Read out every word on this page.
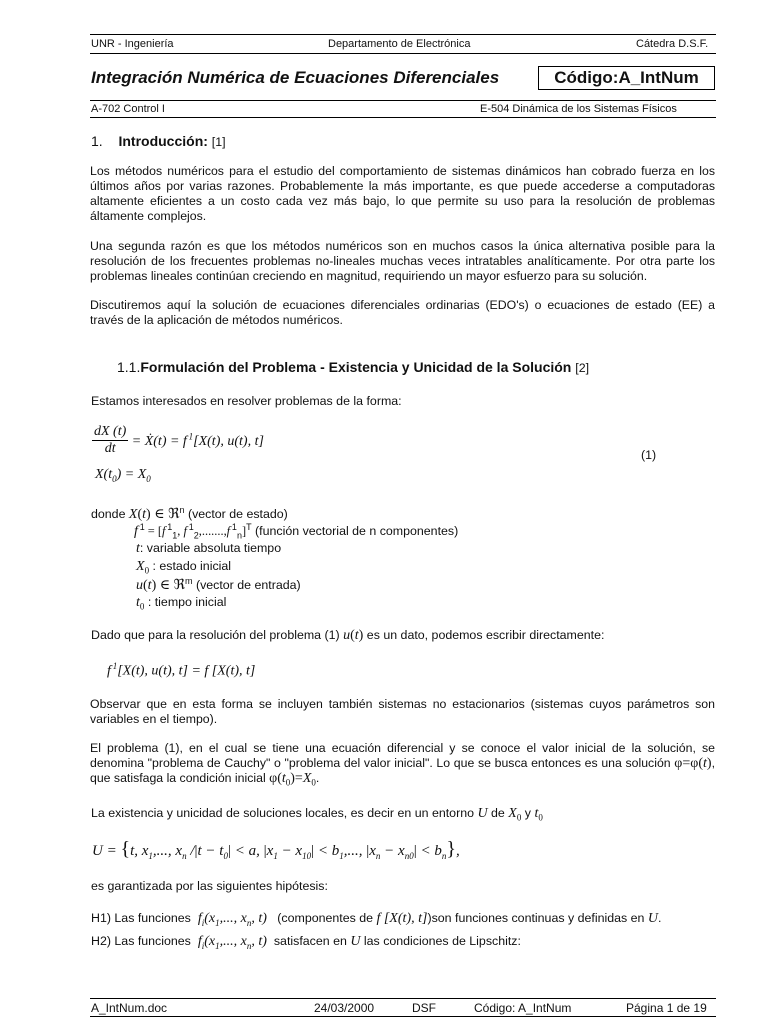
UNR - Ingeniería	Departamento de Electrónica	Cátedra D.S.F.
Integración Numérica de Ecuaciones Diferenciales	Código:A_IntNum
A-702 Control I	E-504 Dinámica de los Sistemas Físicos
1. Introducción: [1]

Los métodos numéricos para el estudio del comportamiento de sistemas dinámicos han cobrado fuerza en los últimos años por varias razones. Probablemente la más importante, es que puede accederse a computadoras altamente eficientes a un costo cada vez más bajo, lo que permite su uso para la resolución de problemas áltamente complejos.

Una segunda razón es que los métodos numéricos son en muchos casos la única alternativa posible para la resolución de los frecuentes problemas no-lineales muchas veces intratables analíticamente. Por otra parte los problemas lineales continúan creciendo en magnitud, requiriendo un mayor esfuerzo para su solución.

Discutiremos aquí la solución de ecuaciones diferenciales ordinarias (EDO's) o ecuaciones de estado (EE) a través de la aplicación de métodos numéricos.

1.1.Formulación del Problema - Existencia y Unicidad de la Solución [2]
Estamos interesados en resolver problemas de la forma:
$\frac{dX (t)}{dt}$ = Ẋ(t) = f $^1$[X(t), u(t), t]
$X(t_0) = X_0$
(1)
donde X(t) ∈ ℜ$^n$ (vector de estado)
f $^1$ = [f $^1_1$, f $^1_2$,.......,f $^1_n$]$^T$ (función vectorial de n componentes)
t: variable absoluta tiempo
$X_0$ : estado inicial
u(t) ∈ ℜ$^m$ (vector de entrada)
$t_0$ : tiempo inicial
Dado que para la resolución del problema (1) u(t) es un dato, podemos escribir directamente:
f $^1$[X(t), u(t), t] = f [X(t), t]

Observar que en esta forma se incluyen también sistemas no estacionarios (sistemas cuyos parámetros son variables en el tiempo).

El problema (1), en el cual se tiene una ecuación diferencial y se conoce el valor inicial de la solución, se denomina "problema de Cauchy" o "problema del valor inicial". Lo que se busca entonces es una solución φ=φ(t), que satisfaga la condición inicial $\varphi(t_0)=X_0$.

La existencia y unicidad de soluciones locales, es decir en un entorno U de $X_0$ y $t_0$
U = {t, $x_1$,..., $x_n$ $/|t - t_0| < a$, $|x_1 - x_{10}| < b_1$,..., $|x_n - x_{n0}| < b_n$},
es garantizada por las siguientes hipótesis:
H1) Las funciones  $f_i(x_1$,..., $x_n$, t)   (componentes de f [X(t), t])son funciones continuas y definidas en U.
H2) Las funciones  $f_i(x_1$,..., $x_n$, t)  satisfacen en U las condiciones de Lipschitz:
A_IntNum.doc	24/03/2000	DSF	Código: A_IntNum	Página 1 de 19
